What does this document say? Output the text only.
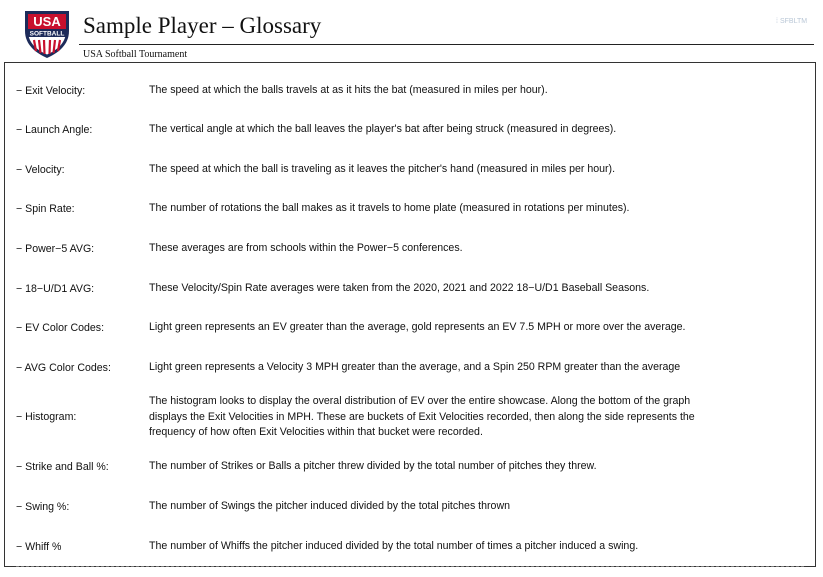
USA
SOFTBALL Sample Player – Glossary
USA Softball Tournament
⁞ SFBLTM
− Exit Velocity:	The speed at which the balls travels at as it hits the bat (measured in miles per hour).
− Launch Angle:	The vertical angle at which the ball leaves the player's bat after being struck (measured in degrees).
− Velocity:	The speed at which the ball is traveling as it leaves the pitcher's hand (measured in miles per hour).
− Spin Rate:	The number of rotations the ball makes as it travels to home plate (measured in rotations per minutes).
− Power−5 AVG:	These averages are from schools within the Power−5 conferences.
− 18−U/D1 AVG:	These Velocity/Spin Rate averages were taken from the 2020, 2021 and 2022 18−U/D1 Baseball Seasons.
− EV Color Codes:	Light green represents an EV greater than the average, gold represents an EV 7.5 MPH or more over the average.
− AVG Color Codes:	Light green represents a Velocity 3 MPH greater than the average, and a Spin 250 RPM greater than the average
− Histogram:
The histogram looks to display the overal distribution of EV over the entire showcase. Along the bottom of the graph displays the Exit Velocities in MPH. These are buckets of Exit Velocities recorded, then along the side represents the frequency of how often Exit Velocities within that bucket were recorded.
− Strike and Ball %:	The number of Strikes or Balls a pitcher threw divided by the total number of pitches they threw.
− Swing %:	The number of Swings the pitcher induced divided by the total pitches thrown
− Whiff %	The number of Whiffs the pitcher induced divided by the total number of times a pitcher induced a swing.
